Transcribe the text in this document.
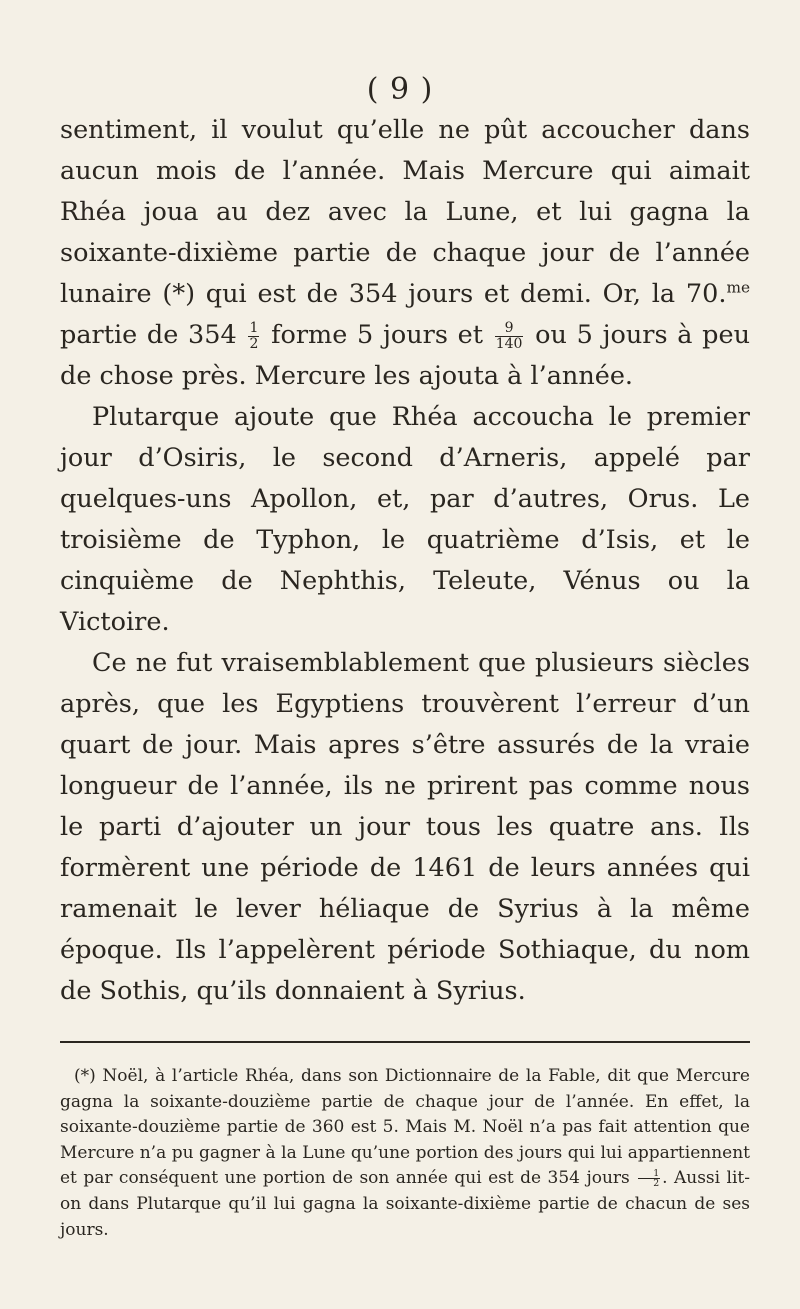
( 9 )

sentiment, il voulut qu’elle ne pût accoucher dans aucun mois de l’année. Mais Mercure qui aimait Rhéa joua au dez avec la Lune, et lui gagna la soixante-dixième partie de chaque jour de l’année lunaire (*) qui est de 354 jours et demi. Or, la 70.$^{me}$ partie de $354 \frac{1}{2}$ forme 5 jours et $\frac{9}{140}$ ou 5 jours à peu de chose près. Mercure les ajouta à l’année.

Plutarque ajoute que Rhéa accoucha le premier jour d’Osiris, le second d’Arneris, appelé par quelques-uns Apollon, et, par d’autres, Orus. Le troisième de Typhon, le quatrième d’Isis, et le cinquième de Nephthis, Teleute, Vénus ou la Victoire.

Ce ne fut vraisemblablement que plusieurs siècles après, que les Egyptiens trouvèrent l’erreur d’un quart de jour. Mais apres s’être assurés de la vraie longueur de l’année, ils ne prirent pas comme nous le parti d’ajouter un jour tous les quatre ans. Ils formèrent une période de 1461 de leurs années qui ramenait le lever héliaque de Syrius à la même époque. Ils l’appelèrent période Sothiaque, du nom de Sothis, qu’ils donnaient à Syrius.

(*) Noël, à l’article Rhéa, dans son Dictionnaire de la Fable, dit que Mercure gagna la soixante-douzième partie de chaque jour de l’année. En effet, la soixante-douzième partie de 360 est 5. Mais M. Noël n’a pas fait attention que Mercure n’a pu gagner à la Lune qu’une portion des jours qui lui appartiennent et par conséquent une portion de son année qui est de 354 jours $\frac{1}{2}$ . Aussi lit-on dans Plutarque qu’il lui gagna la soixante-dixième partie de chacun de ses jours.
